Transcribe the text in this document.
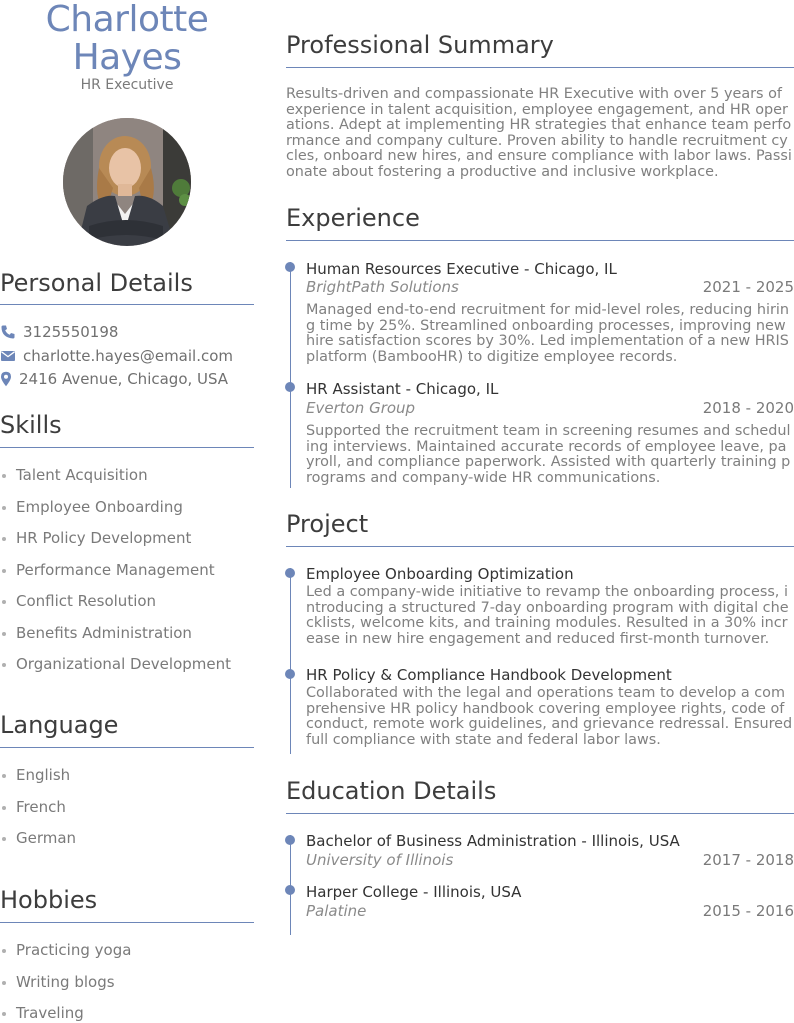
Charlotte
Hayes
HR Executive
Personal Details
3125550198
charlotte.hayes@email.com
2416 Avenue, Chicago, USA
Skills
Talent Acquisition
Employee Onboarding
HR Policy Development
Performance Management
Conflict Resolution
Benefits Administration
Organizational Development
Language
English
French
German
Hobbies
Practicing yoga
Writing blogs
Traveling
Professional Summary

Results-driven and compassionate HR Executive with over 5 years of experience in talent acquisition, employee engagement, and HR operations. Adept at implementing HR strategies that enhance team performance and company culture. Proven ability to handle recruitment cycles, onboard new hires, and ensure compliance with labor laws. Passionate about fostering a productive and inclusive workplace.

Experience
Human Resources Executive - Chicago, IL
BrightPath Solutions	2021 - 2025

Managed end-to-end recruitment for mid-level roles, reducing hiring time by 25%. Streamlined onboarding processes, improving new hire satisfaction scores by 30%. Led implementation of a new HRIS platform (BambooHR) to digitize employee records.

HR Assistant - Chicago, IL
Everton Group	2018 - 2020

Supported the recruitment team in screening resumes and scheduling interviews. Maintained accurate records of employee leave, payroll, and compliance paperwork. Assisted with quarterly training programs and company-wide HR communications.

Project
Employee Onboarding Optimization

Led a company-wide initiative to revamp the onboarding process, introducing a structured 7-day onboarding program with digital checklists, welcome kits, and training modules. Resulted in a 30% increase in new hire engagement and reduced first-month turnover.

HR Policy & Compliance Handbook Development

Collaborated with the legal and operations team to develop a comprehensive HR policy handbook covering employee rights, code of conduct, remote work guidelines, and grievance redressal. Ensured full compliance with state and federal labor laws.

Education Details
Bachelor of Business Administration - Illinois, USA
University of Illinois	2017 - 2018
Harper College - Illinois, USA
Palatine	2015 - 2016
